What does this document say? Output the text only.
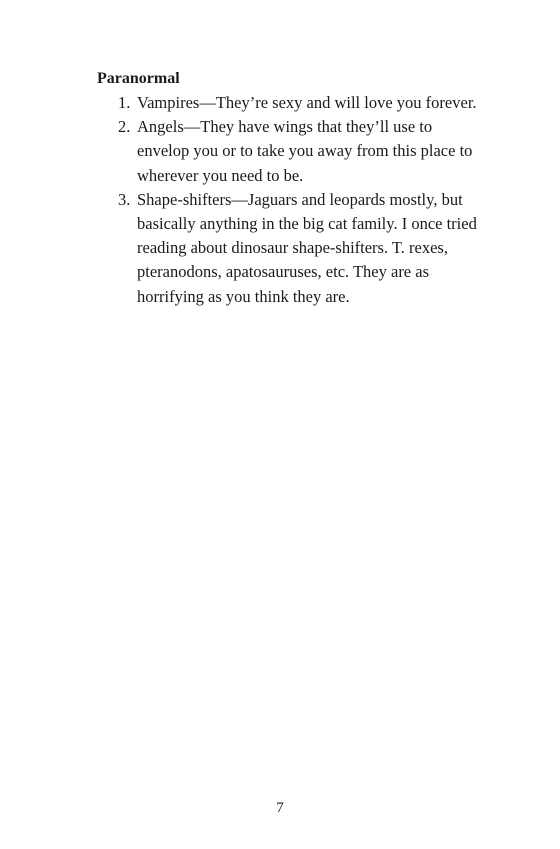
Paranormal
1. Vampires—They’re sexy and will love you forever.
2. Angels—They have wings that they’ll use to envelop you or to take you away from this place to wherever you need to be.
3. Shape-shifters—Jaguars and leopards mostly, but basically anything in the big cat family. I once tried reading about dinosaur shape-shifters. T. rexes, pteranodons, apatosauruses, etc. They are as horrifying as you think they are.
7
